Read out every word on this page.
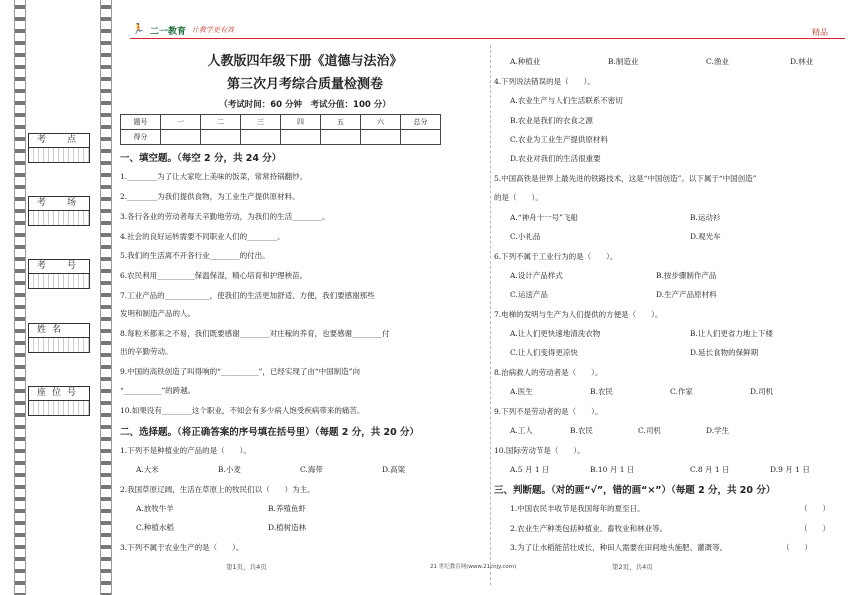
考　点
考　场
考　号
姓名
座位号
🏃 二一教育 让教学更有效	精品
人教版四年级下册《道德与法治》
第三次月考综合质量检测卷
（考试时间：60 分钟　考试分值：100 分）
题号	一	二	三	四	五	六	总分
得分							
一、填空题。（每空 2 分，共 24 分）
1.________为了让大家吃上美味的饭菜，常常持锅翻炒。
2.________为我们提供食物，为工业生产提供原材料。
3.各行各业的劳动者每天辛勤地劳动，为我们的生活________。
4.社会的良好运转需要不同职业人们的________。
5.我们的生活离不开各行业________的付出。
6.农民利用__________保温保湿，精心培育和护理秧苗。
7.工业产品的____________，使我们的生活更加舒适、方便，我们要感谢那些
发明和制造产品的人。
8.每粒米都来之不易，我们既要感谢________对庄稼的养育，也要感谢________付
出的辛勤劳动。
9.中国的高铁创造了叫得响的“__________”，已经实现了由“中国制造”向
“__________”的跨越。
10.如果没有________这个职业，不知会有多少病人饱受疾病带来的痛苦。
二、选择题。（将正确答案的序号填在括号里）（每题 2 分，共 20 分）
1.下列不是种植业的产品的是（　　）。
A.大米	B.小麦	C.海带	D.高粱
2.我国草原辽阔，生活在草原上的牧民们以（　　）为主。
A.放牧牛羊	B.养殖鱼虾
C.种植水稻	D.植树造林
3.下列不属于农业生产的是（　　）。
第1页，共4页	21 世纪教育网(www.21cnjy.com)
A.种植业	B.制造业	C.渔业	D.林业
4.下列说法错误的是（　　）。
A.农业生产与人们生活联系不密切
B.农业是我们的衣食之源
C.农业为工业生产提供原材料
D.农业对我们的生活很重要
5.中国高铁是世界上最先进的铁路技术，这是“中国创造”。以下属于“中国创造”
的是（　　）。
A.“神舟十一号”飞船	B.运动衫
C.小礼品	D.观光车
6.下列不属于工业行为的是（　　）。
A.设计产品样式	B.按步骤制作产品
C.运送产品	D.生产产品原材料
7.电梯的发明与生产为人们提供的方便是（　　）。
A.让人们更快速地清洗衣物	B.让人们更省力地上下楼
C.让人们变得更凉快	D.延长食物的保鲜期
8.治病救人的劳动者是（　　）。
A.医生	B.农民	C.作家	D.司机
9.下列不是劳动者的是（　　）。
A.工人	B.农民	C.司机	D.学生
10.国际劳动节是（　　）。
A.5 月 1 日	B.10 月 1 日	C.8 月 1 日	D.9 月 1 日
三、判断题。（对的画“√”，错的画“×”）（每题 2 分，共 20 分）
1.中国农民丰收节是我国每年的夏至日。	（　　）
2.农业生产种类包括种植业、畜牧业和林业等。	（　　）
3.为了让水稻能茁壮成长，种田人需要在田间地头施肥、灌溉等。	（　　）
第2页，共4页
